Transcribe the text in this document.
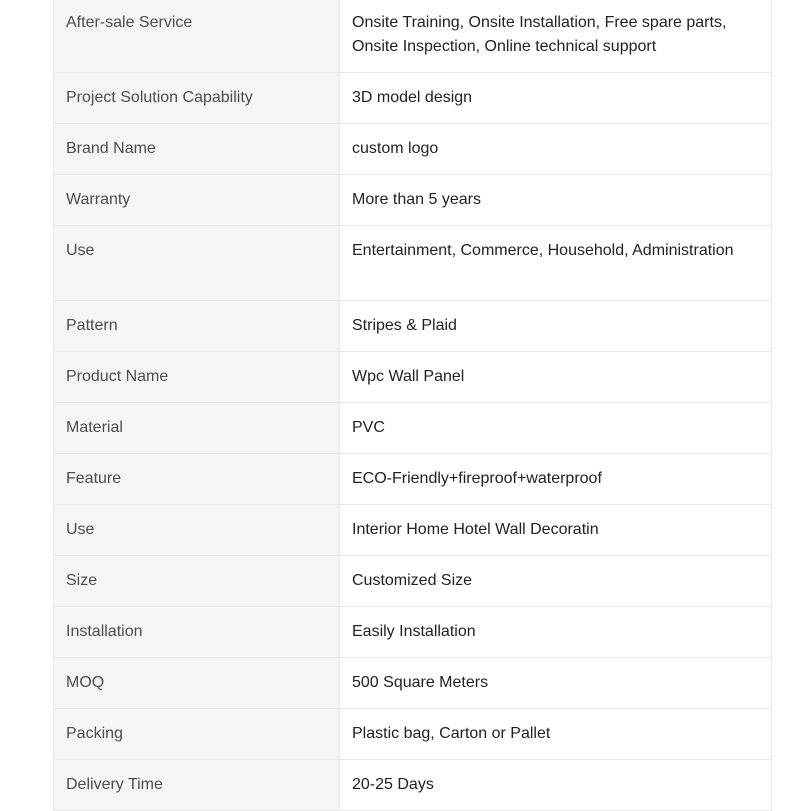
After-sale Service	Onsite Training, Onsite Installation, Free spare parts, Onsite Inspection, Online technical support
Project Solution Capability	3D model design
Brand Name	custom logo
Warranty	More than 5 years
Use	Entertainment, Commerce, Household, Administration
Pattern	Stripes & Plaid
Product Name	Wpc Wall Panel
Material	PVC
Feature	ECO-Friendly+fireproof+waterproof
Use	Interior Home Hotel Wall Decoratin
Size	Customized Size
Installation	Easily Installation
MOQ	500 Square Meters
Packing	Plastic bag, Carton or Pallet
Delivery Time	20-25 Days
